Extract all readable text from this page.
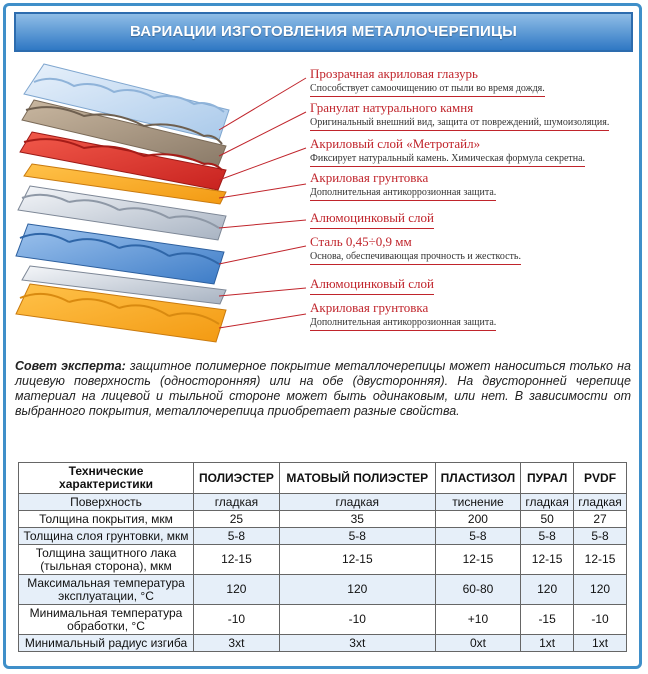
ВАРИАЦИИ ИЗГОТОВЛЕНИЯ МЕТАЛЛОЧЕРЕПИЦЫ
Прозрачная акриловая глазурь
Способствует самоочищению от пыли во время дождя.
Гранулат натурального камня
Оригинальный внешний вид, защита от повреждений, шумоизоляция.
Акриловый слой «Метротайл»
Фиксирует натуральный камень. Химическая формула секретна.
Акриловая грунтовка
Дополнительная антикоррозионная защита.
Алюмоцинковый слой
Сталь 0,45÷0,9 мм
Основа, обеспечивающая прочность и жесткость.
Алюмоцинковый слой
Акриловая грунтовка
Дополнительная антикоррозионная защита.
Совет эксперта: защитное полимерное покрытие металлочерепицы может наноситься только на лицевую поверхность (односторонняя) или на обе (двусторонняя). На двусторонней черепице материал на лицевой и тыльной стороне может быть одинаковым, или нет. В зависимости от выбранного покрытия, металлочерепица приобретает разные свойства.
Технические характеристики	ПОЛИЭСТЕР	МАТОВЫЙ ПОЛИЭСТЕР	ПЛАСТИЗОЛ	ПУРАЛ	PVDF
Поверхность	гладкая	гладкая	тиснение	гладкая	гладкая
Толщина покрытия, мкм	25	35	200	50	27
Толщина слоя грунтовки, мкм	5-8	5-8	5-8	5-8	5-8
Толщина защитного лака (тыльная сторона), мкм	12-15	12-15	12-15	12-15	12-15
Максимальная температура эксплуатации, °С	120	120	60-80	120	120
Минимальная температура обработки, °С	-10	-10	+10	-15	-10
Минимальный радиус изгиба	3xt	3xt	0xt	1xt	1xt
